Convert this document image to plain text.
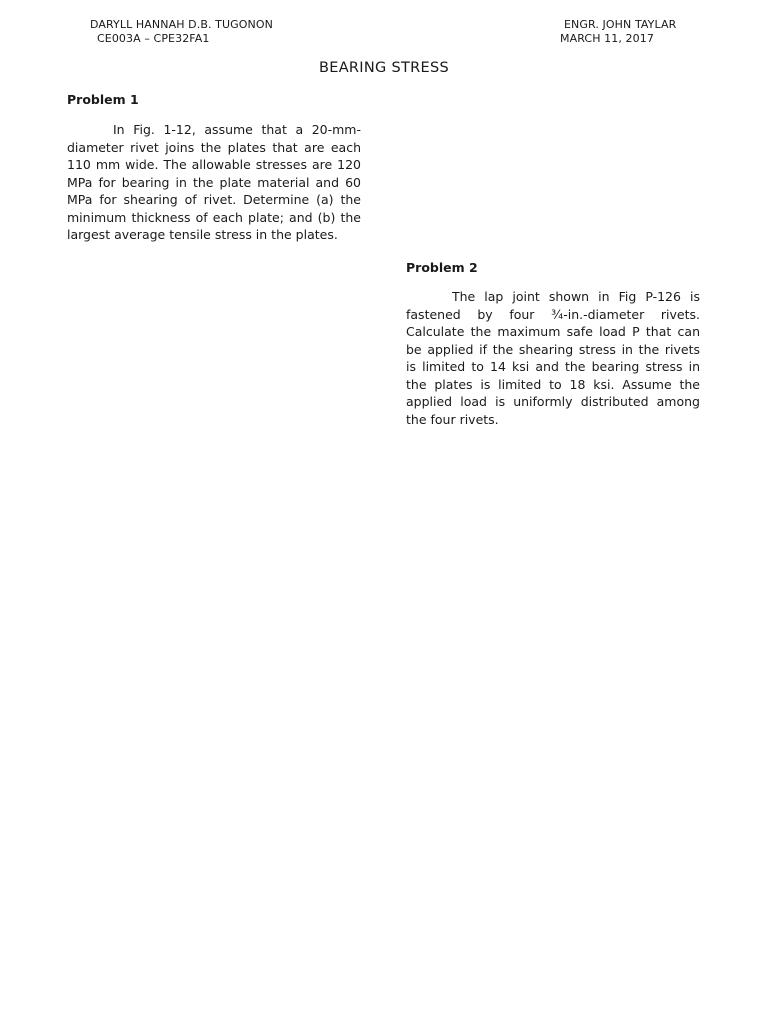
DARYLL HANNAH D.B. TUGONON
CE003A – CPE32FA1
ENGR. JOHN TAYLAR
MARCH 11, 2017
BEARING STRESS
Problem 1

In Fig. 1-12, assume that a 20-mm-diameter rivet joins the plates that are each 110 mm wide. The allowable stresses are 120 MPa for bearing in the plate material and 60 MPa for shearing of rivet. Determine (a) the minimum thickness of each plate; and (b) the largest average tensile stress in the plates.

Problem 2

The lap joint shown in Fig P-126 is fastened by four ¾-in.-diameter rivets. Calculate the maximum safe load P that can be applied if the shearing stress in the rivets is limited to 14 ksi and the bearing stress in the plates is limited to 18 ksi. Assume the applied load is uniformly distributed among the four rivets.
